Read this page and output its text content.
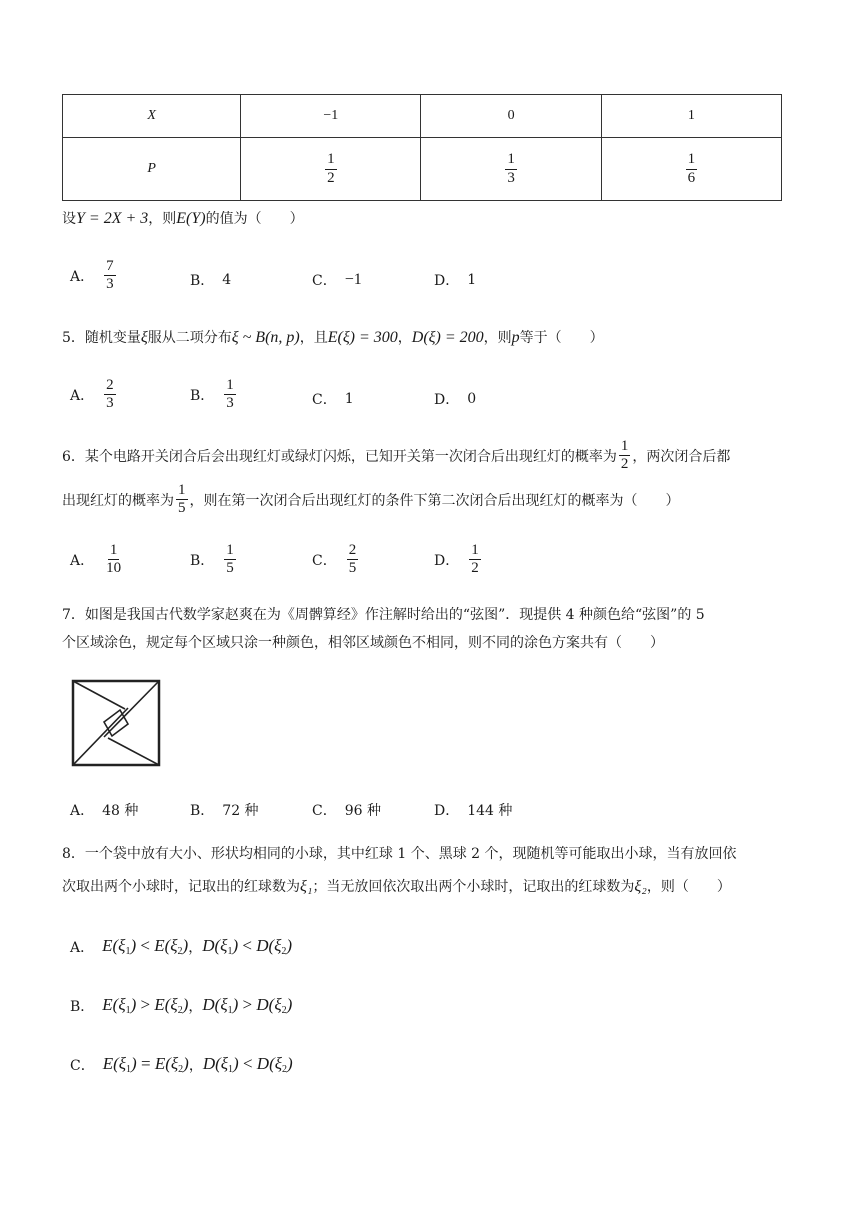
X	−1	0	1
P	$\frac{1}{2}$	$\frac{1}{3}$	$\frac{1}{6}$
设Y = 2X + 3，则E(Y)的值为（　　）
A． $\frac{7}{3}$	B． 4	C． −1	D． 1
5．随机变量ξ服从二项分布ξ ~ B(n, p)，且E(ξ) = 300，D(ξ) = 200，则p等于（　　）
A． $\frac{2}{3}$	B． $\frac{1}{3}$	C． 1	D． 0
6．某个电路开关闭合后会出现红灯或绿灯闪烁，已知开关第一次闭合后出现红灯的概率为 $\frac{1}{2}$ ，两次闭合后都
出现红灯的概率为 $\frac{1}{5}$ ，则在第一次闭合后出现红灯的条件下第二次闭合后出现红灯的概率为（　　）
A． $\frac{1}{10}$	B． $\frac{1}{5}$	C． $\frac{2}{5}$	D． $\frac{1}{2}$
7．如图是我国古代数学家赵爽在为《周髀算经》作注解时给出的“弦图”．现提供 4 种颜色给“弦图”的 5
个区域涂色，规定每个区域只涂一种颜色，相邻区域颜色不相同，则不同的涂色方案共有（　　）
A． 48 种	B． 72 种	C． 96 种	D． 144 种
8．一个袋中放有大小、形状均相同的小球，其中红球 1 个、黑球 2 个，现随机等可能取出小球，当有放回依
次取出两个小球时，记取出的红球数为ξ₁；当无放回依次取出两个小球时，记取出的红球数为ξ₂，则（　　）
A． $E(\xi_1) < E(\xi_2)$ ， $D(\xi_1) < D(\xi_2)$
B． $E(\xi_1) > E(\xi_2)$ ， $D(\xi_1) > D(\xi_2)$
C． $E(\xi_1) = E(\xi_2)$ ， $D(\xi_1) < D(\xi_2)$
